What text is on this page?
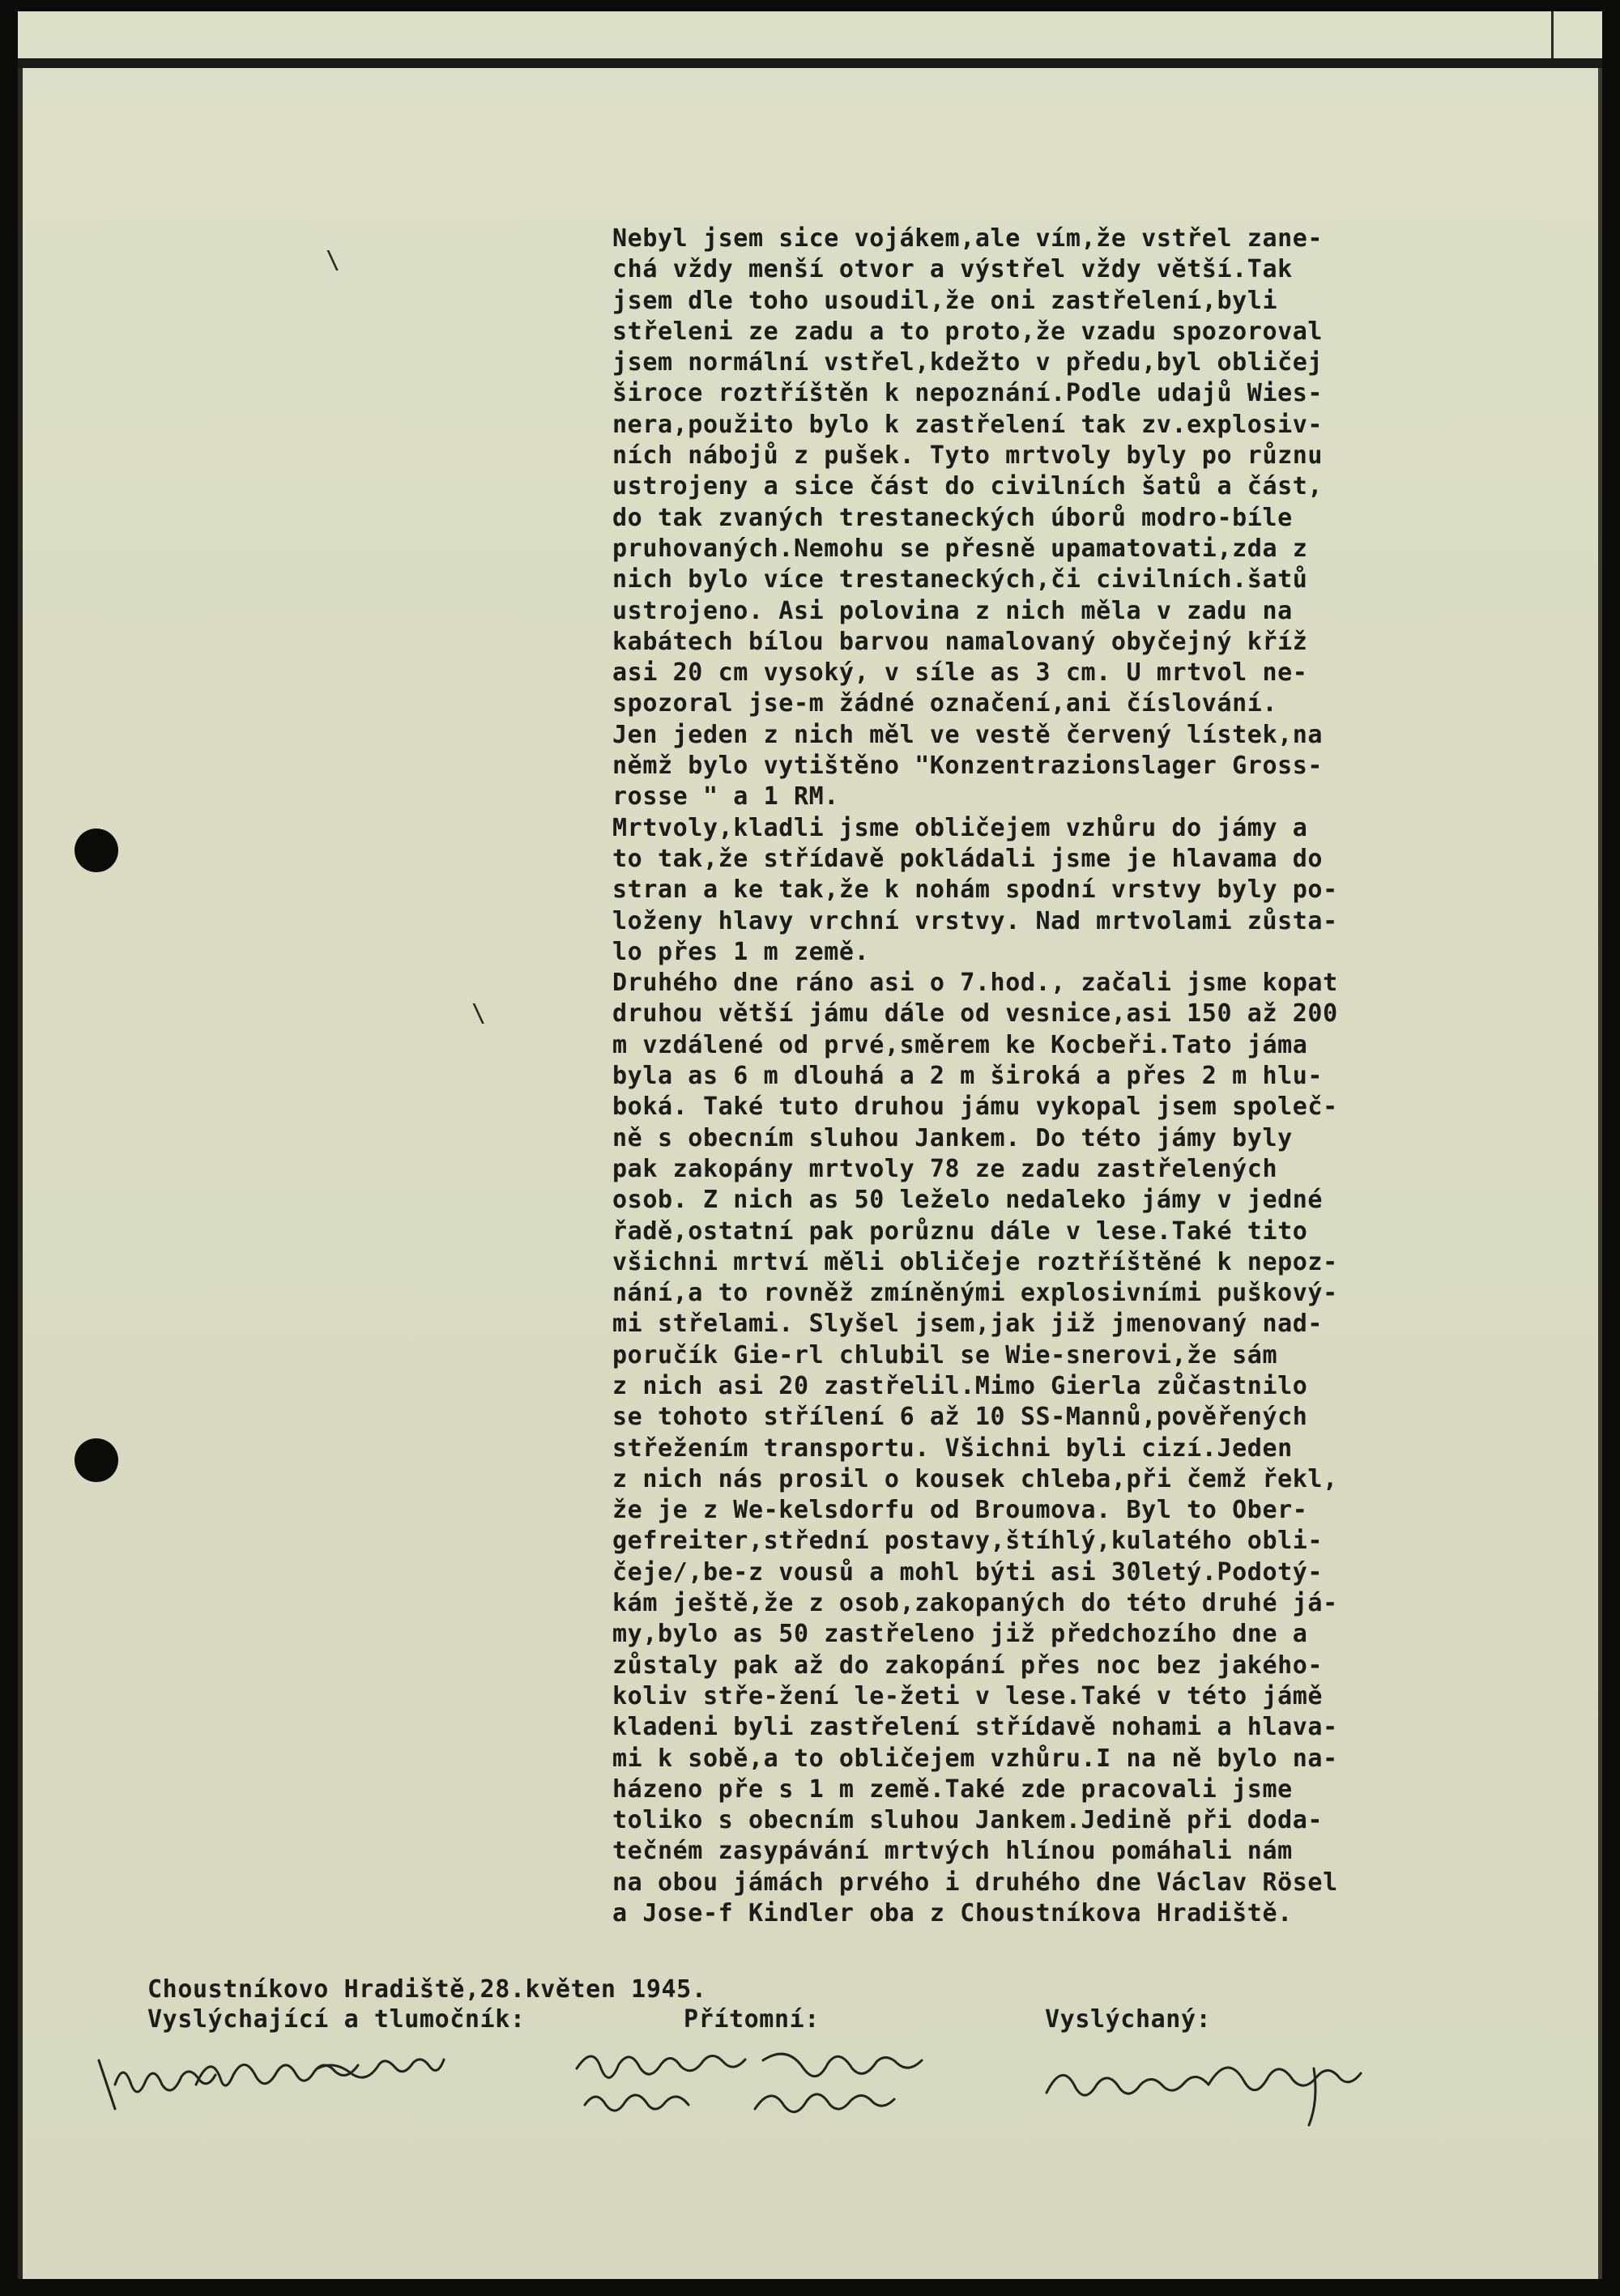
\
\
Nebyl jsem sice vojákem,ale vím,že vstřel zane-
chá vždy menší otvor a výstřel vždy větší.Tak
jsem dle toho usoudil,že oni zastřelení,byli
střeleni ze zadu a to proto,že vzadu spozoroval
jsem normální vstřel,kdežto v předu,byl obličej
široce roztříštěn k nepoznání.Podle udajů Wies-
nera,použito bylo k zastřelení tak zv.explosiv-
ních nábojů z pušek. Tyto mrtvoly byly po různu
ustrojeny a sice část do civilních šatů a část,
do tak zvaných trestaneckých úborů modro-bíle
pruhovaných.Nemohu se přesně upamatovati,zda z
nich bylo více trestaneckých,či civilních.šatů
ustrojeno. Asi polovina z nich měla v zadu na
kabátech bílou barvou namalovaný obyčejný kříž
asi 20 cm vysoký, v síle as 3 cm. U mrtvol ne-
spozoral jse-m žádné označení,ani číslování.
Jen jeden z nich měl ve vestě červený lístek,na
němž bylo vytištěno "Konzentrazionslager Gross-
rosse " a 1 RM.
Mrtvoly,kladli jsme obličejem vzhůru do jámy a
to tak,že střídavě pokládali jsme je hlavama do
stran a ke tak,že k nohám spodní vrstvy byly po-
loženy hlavy vrchní vrstvy. Nad mrtvolami zůsta-
lo přes 1 m země.
Druhého dne ráno asi o 7.hod., začali jsme kopat
druhou větší jámu dále od vesnice,asi 150 až 200
m vzdálené od prvé,směrem ke Kocbeři.Tato jáma
byla as 6 m dlouhá a 2 m široká a přes 2 m hlu-
boká. Také tuto druhou jámu vykopal jsem společ-
ně s obecním sluhou Jankem. Do této jámy byly
pak zakopány mrtvoly 78 ze zadu zastřelených
osob. Z nich as 50 leželo nedaleko jámy v jedné
řadě,ostatní pak porůznu dále v lese.Také tito
všichni mrtví měli obličeje roztříštěné k nepoz-
nání,a to rovněž zmíněnými explosivními puškový-
mi střelami. Slyšel jsem,jak již jmenovaný nad-
poručík Gie-rl chlubil se Wie-snerovi,že sám
z nich asi 20 zastřelil.Mimo Gierla zůčastnilo
se tohoto střílení 6 až 10 SS-Mannů,pověřených
střežením transportu. Všichni byli cizí.Jeden
z nich nás prosil o kousek chleba,při čemž řekl,
že je z We-kelsdorfu od Broumova. Byl to Ober-
gefreiter,střední postavy,štíhlý,kulatého obli-
čeje/,be-z vousů a mohl býti asi 30letý.Podotý-
kám ještě,že z osob,zakopaných do této druhé já-
my,bylo as 50 zastřeleno již předchozího dne a
zůstaly pak až do zakopání přes noc bez jakého-
koliv stře-žení le-žeti v lese.Také v této jámě
kladeni byli zastřelení střídavě nohami a hlava-
mi k sobě,a to obličejem vzhůru.I na ně bylo na-
házeno pře s 1 m země.Také zde pracovali jsme
toliko s obecním sluhou Jankem.Jedině při doda-
tečném zasypávání mrtvých hlínou pomáhali nám
na obou jámách prvého i druhého dne Václav Rösel
a Jose-f Kindler oba z Choustníkova Hradiště.
Choustníkovo Hradiště,28.květen 1945.
Vyslýchající a tlumočník:	Přítomní:	Vyslýchaný:
